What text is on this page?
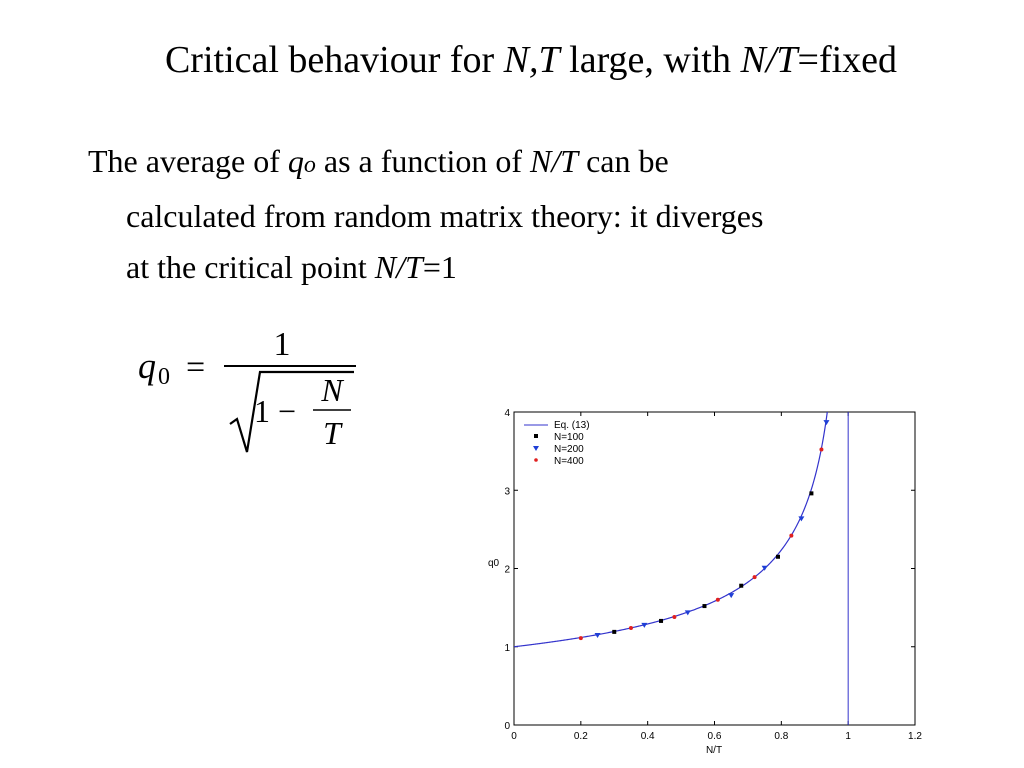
Critical behaviour for N,T large, with N/T=fixed
The average of qo as a function of N/T can be
calculated from random matrix theory: it diverges
at the critical point N/T=1
q 0 =
1
1 −
N
T
0	0.2	0.4	0.6	0.8	1	1.2
0
1
2
3
4
N/T
q0
Eq. (13)
N=100
N=200
N=400
